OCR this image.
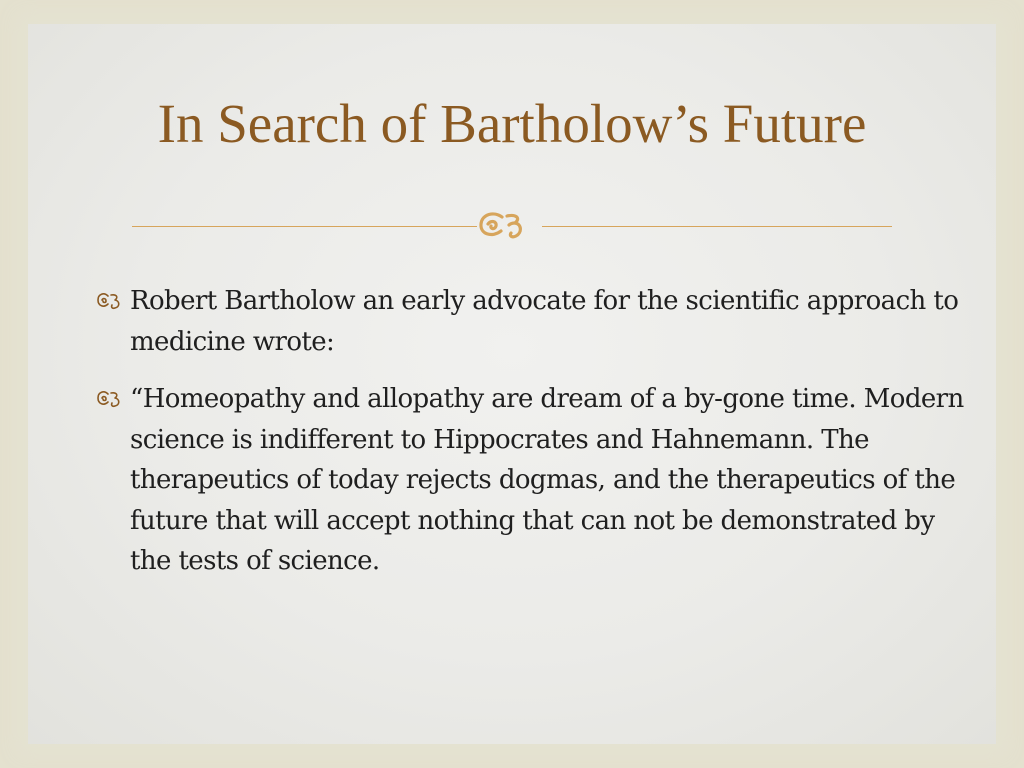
In Search of Bartholow’s Future
Robert Bartholow an early advocate for the scientific approach to medicine wrote:
“Homeopathy and allopathy are dream of a by-gone time. Modern science is indifferent to Hippocrates and Hahnemann. The therapeutics of today rejects dogmas, and the therapeutics of the future that will accept nothing that can not be demonstrated by the tests of science.
